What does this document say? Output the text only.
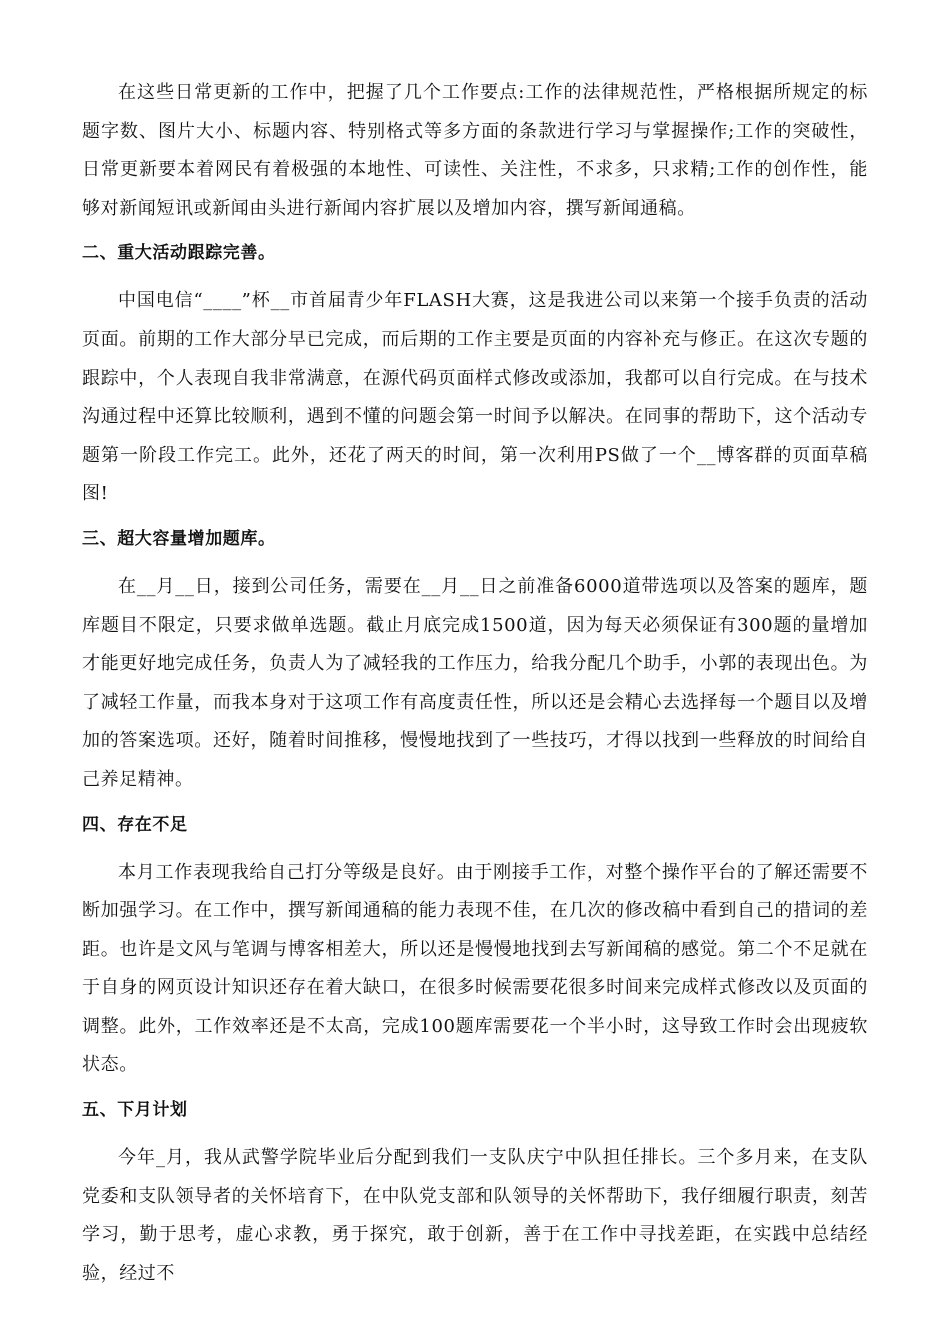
在这些日常更新的工作中，把握了几个工作要点:工作的法律规范性，严格根据所规定的标题字数、图片大小、标题内容、特别格式等多方面的条款进行学习与掌握操作;工作的突破性，日常更新要本着网民有着极强的本地性、可读性、关注性，不求多，只求精;工作的创作性，能够对新闻短讯或新闻由头进行新闻内容扩展以及增加内容，撰写新闻通稿。

二、重大活动跟踪完善。

中国电信“____”杯__市首届青少年FLASH大赛，这是我进公司以来第一个接手负责的活动页面。前期的工作大部分早已完成，而后期的工作主要是页面的内容补充与修正。在这次专题的跟踪中，个人表现自我非常满意，在源代码页面样式修改或添加，我都可以自行完成。在与技术沟通过程中还算比较顺利，遇到不懂的问题会第一时间予以解决。在同事的帮助下，这个活动专题第一阶段工作完工。此外，还花了两天的时间，第一次利用PS做了一个__博客群的页面草稿图!

三、超大容量增加题库。

在__月__日，接到公司任务，需要在__月__日之前准备6000道带选项以及答案的题库，题库题目不限定，只要求做单选题。截止月底完成1500道，因为每天必须保证有300题的量增加才能更好地完成任务，负责人为了减轻我的工作压力，给我分配几个助手，小郭的表现出色。为了减轻工作量，而我本身对于这项工作有高度责任性，所以还是会精心去选择每一个题目以及增加的答案选项。还好，随着时间推移，慢慢地找到了一些技巧，才得以找到一些释放的时间给自己养足精神。

四、存在不足

本月工作表现我给自己打分等级是良好。由于刚接手工作，对整个操作平台的了解还需要不断加强学习。在工作中，撰写新闻通稿的能力表现不佳，在几次的修改稿中看到自己的措词的差距。也许是文风与笔调与博客相差大，所以还是慢慢地找到去写新闻稿的感觉。第二个不足就在于自身的网页设计知识还存在着大缺口，在很多时候需要花很多时间来完成样式修改以及页面的调整。此外，工作效率还是不太高，完成100题库需要花一个半小时，这导致工作时会出现疲软状态。

五、下月计划

今年_月，我从武警学院毕业后分配到我们一支队庆宁中队担任排长。三个多月来，在支队党委和支队领导者的关怀培育下，在中队党支部和队领导的关怀帮助下，我仔细履行职责，刻苦学习，勤于思考，虚心求教，勇于探究，敢于创新，善于在工作中寻找差距，在实践中总结经验，经过不
